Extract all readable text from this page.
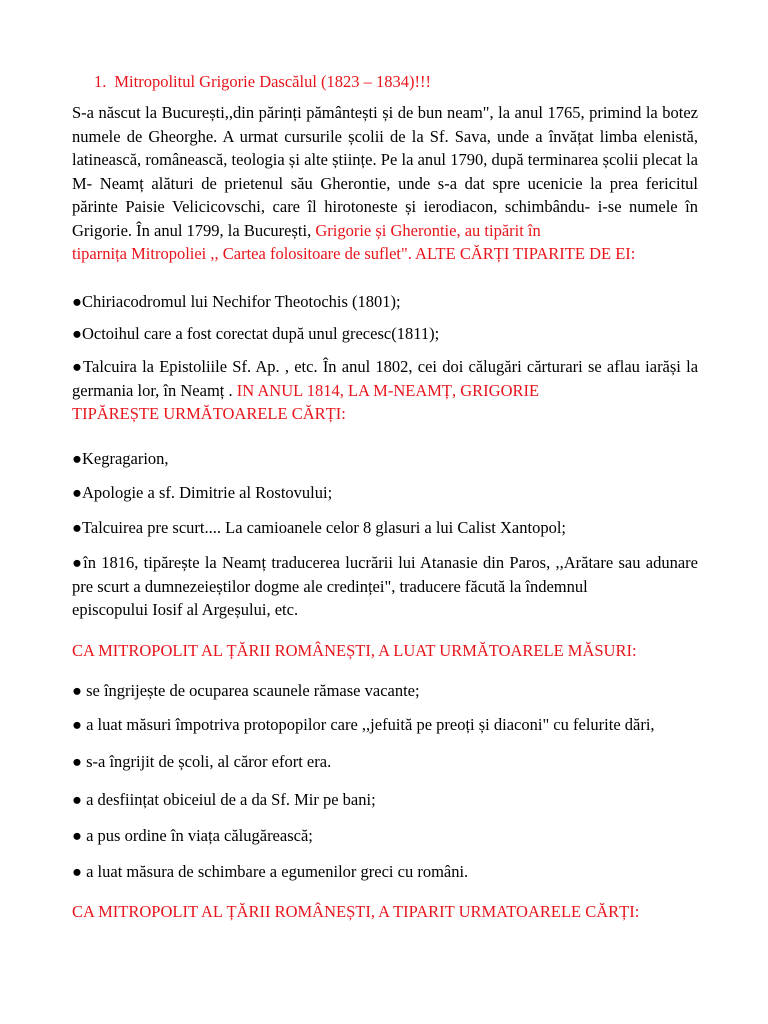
1. Mitropolitul Grigorie Dascălul (1823 – 1834)!!!

S-a născut la București,,din părinți pământești și de bun neam", la anul 1765, primind la botez numele de Gheorghe. A urmat cursurile școlii de la Sf. Sava, unde a învățat limba elenistă, latinească, românească, teologia și alte științe. Pe la anul 1790, după terminarea școlii plecat la M- Neamț alături de prietenul său Gherontie, unde s-a dat spre ucenicie la prea fericitul părinte Paisie Velicicovschi, care îl hirotoneste și ierodiacon, schimbându- i-se numele în Grigorie. În anul 1799, la București, Grigorie și Gherontie, au tipărit în
tiparnița Mitropoliei ,, Cartea folositoare de suflet". ALTE CĂRȚI TIPARITE DE EI:

●Chiriacodromul lui Nechifor Theotochis (1801);

●Octoihul care a fost corectat după unul grecesc(1811);

●Talcuira la Epistoliile Sf. Ap. , etc. În anul 1802, cei doi călugări cărturari se aflau iarăși la germania lor, în Neamț . IN ANUL 1814, LA M-NEAMȚ, GRIGORIE
TIPĂREȘTE URMĂTOARELE CĂRȚI:

●Kegragarion,

●Apologie a sf. Dimitrie al Rostovului;

●Talcuirea pre scurt.... La camioanele celor 8 glasuri a lui Calist Xantopol;

●în 1816, tipărește la Neamț traducerea lucrării lui Atanasie din Paros, ,,Arătare sau adunare pre scurt a dumnezeieștilor dogme ale credinței", traducere făcută la îndemnul
episcopului Iosif al Argeșului, etc.

CA MITROPOLIT AL ȚĂRII ROMÂNEȘTI, A LUAT URMĂTOARELE MĂSURI:

● se îngrijește de ocuparea scaunele rămase vacante;

● a luat măsuri împotriva protopopilor care ,,jefuită pe preoți și diaconi" cu felurite dări,

● s-a îngrijit de școli, al căror efort era.

● a desființat obiceiul de a da Sf. Mir pe bani;

● a pus ordine în viața călugărească;

● a luat măsura de schimbare a egumenilor greci cu români.

CA MITROPOLIT AL ȚĂRII ROMÂNEȘTI, A TIPARIT URMATOARELE CĂRȚI:
